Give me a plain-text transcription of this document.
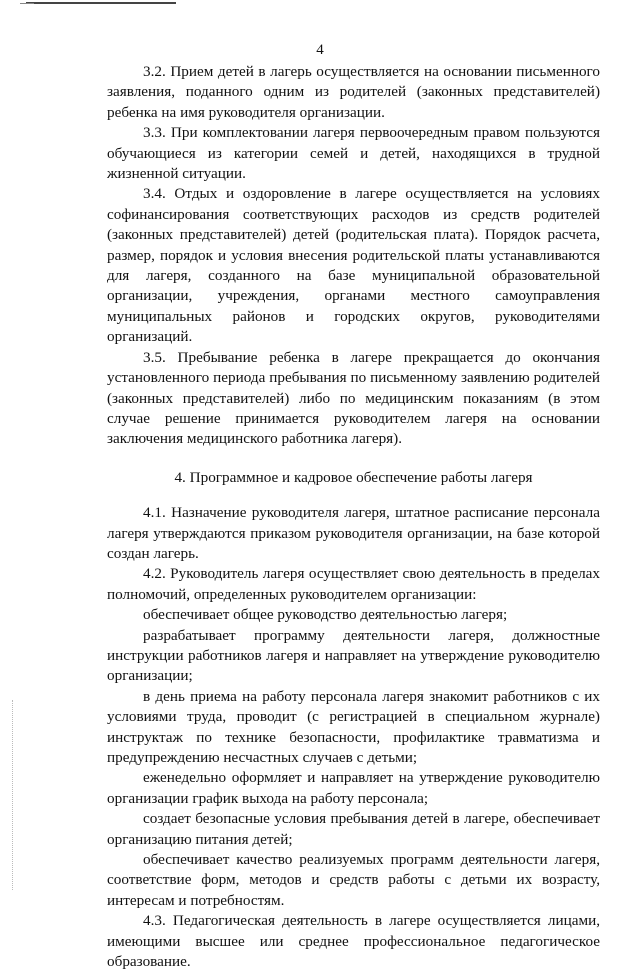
4

3.2. Прием детей в лагерь осуществляется на основании письменного заявления, поданного одним из родителей (законных представителей) ребенка на имя руководителя организации.

3.3. При комплектовании лагеря первоочередным правом пользуются обучающиеся из категории семей и детей, находящихся в трудной жизненной ситуации.

3.4. Отдых и оздоровление в лагере осуществляется на условиях софинансирования соответствующих расходов из средств родителей (законных представителей) детей (родительская плата). Порядок расчета, размер, порядок и условия внесения родительской платы устанавливаются для лагеря, созданного на базе муниципальной образовательной организации, учреждения, органами местного самоуправления муниципальных районов и городских округов, руководителями организаций.

3.5. Пребывание ребенка в лагере прекращается до окончания установленного периода пребывания по письменному заявлению родителей (законных представителей) либо по медицинским показаниям (в этом случае решение принимается руководителем лагеря на основании заключения медицинского работника лагеря).

4. Программное и кадровое обеспечение работы лагеря

4.1. Назначение руководителя лагеря, штатное расписание персонала лагеря утверждаются приказом руководителя организации, на базе которой создан лагерь.

4.2. Руководитель лагеря осуществляет свою деятельность в пределах полномочий, определенных руководителем организации:

обеспечивает общее руководство деятельностью лагеря;

разрабатывает программу деятельности лагеря, должностные инструкции работников лагеря и направляет на утверждение руководителю организации;

в день приема на работу персонала лагеря знакомит работников с их условиями труда, проводит (с регистрацией в специальном журнале) инструктаж по технике безопасности, профилактике травматизма и предупреждению несчастных случаев с детьми;

еженедельно оформляет и направляет на утверждение руководителю организации график выхода на работу персонала;

создает безопасные условия пребывания детей в лагере, обеспечивает организацию питания детей;

обеспечивает качество реализуемых программ деятельности лагеря, соответствие форм, методов и средств работы с детьми их возрасту, интересам и потребностям.

4.3. Педагогическая деятельность в лагере осуществляется лицами, имеющими высшее или среднее профессиональное педагогическое образование.
